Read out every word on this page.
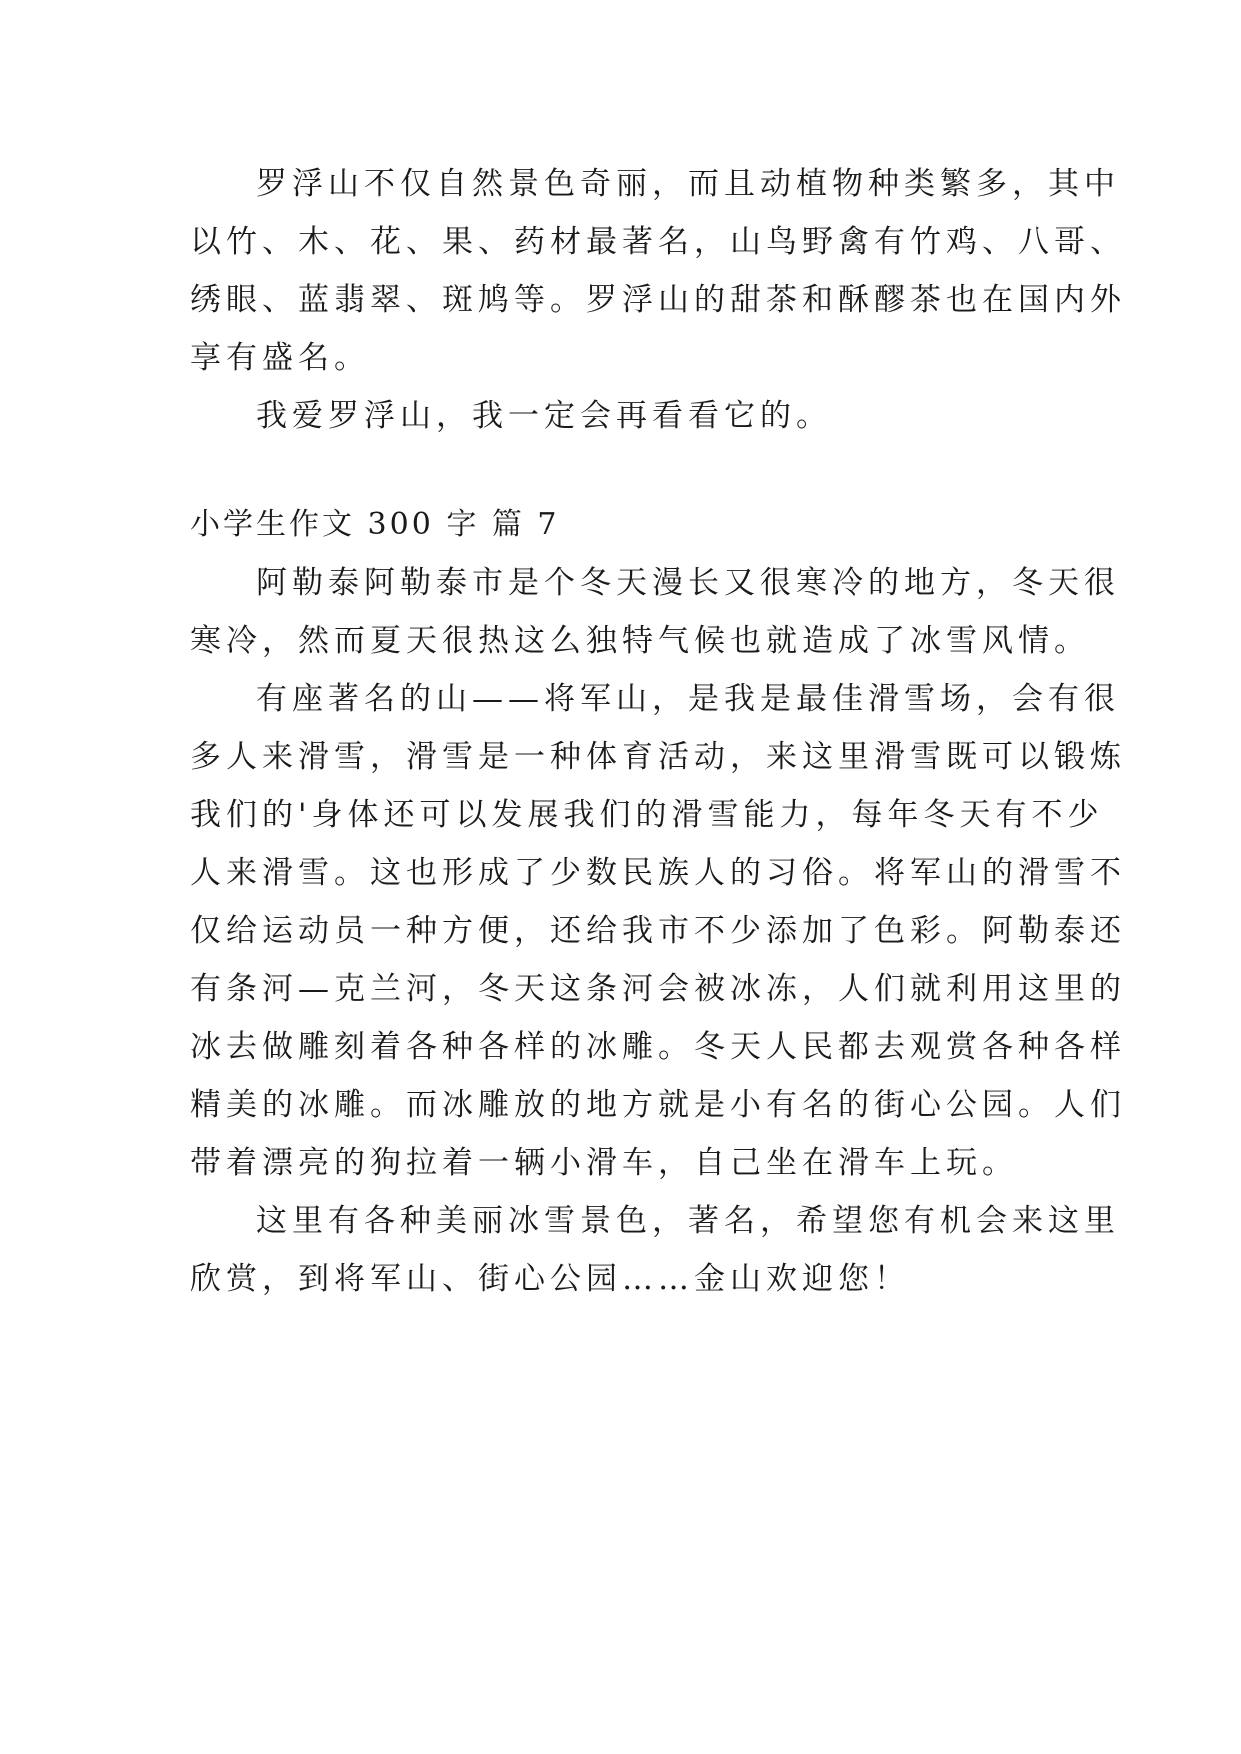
罗浮山不仅自然景色奇丽，而且动植物种类繁多，其中
以竹、木、花、果、药材最著名，山鸟野禽有竹鸡、八哥、
绣眼、蓝翡翠、斑鸠等。罗浮山的甜茶和酥醪茶也在国内外
享有盛名。
我爱罗浮山，我一定会再看看它的。
小学生作文 300 字 篇 7
阿勒泰阿勒泰市是个冬天漫长又很寒冷的地方，冬天很
寒冷，然而夏天很热这么独特气候也就造成了冰雪风情。
有座著名的山——将军山，是我是最佳滑雪场，会有很
多人来滑雪，滑雪是一种体育活动，来这里滑雪既可以锻炼
我们的'身体还可以发展我们的滑雪能力，每年冬天有不少
人来滑雪。这也形成了少数民族人的习俗。将军山的滑雪不
仅给运动员一种方便，还给我市不少添加了色彩。阿勒泰还
有条河—克兰河，冬天这条河会被冰冻，人们就利用这里的
冰去做雕刻着各种各样的冰雕。冬天人民都去观赏各种各样
精美的冰雕。而冰雕放的地方就是小有名的街心公园。人们
带着漂亮的狗拉着一辆小滑车，自己坐在滑车上玩。
这里有各种美丽冰雪景色，著名，希望您有机会来这里
欣赏，到将军山、街心公园……金山欢迎您！
